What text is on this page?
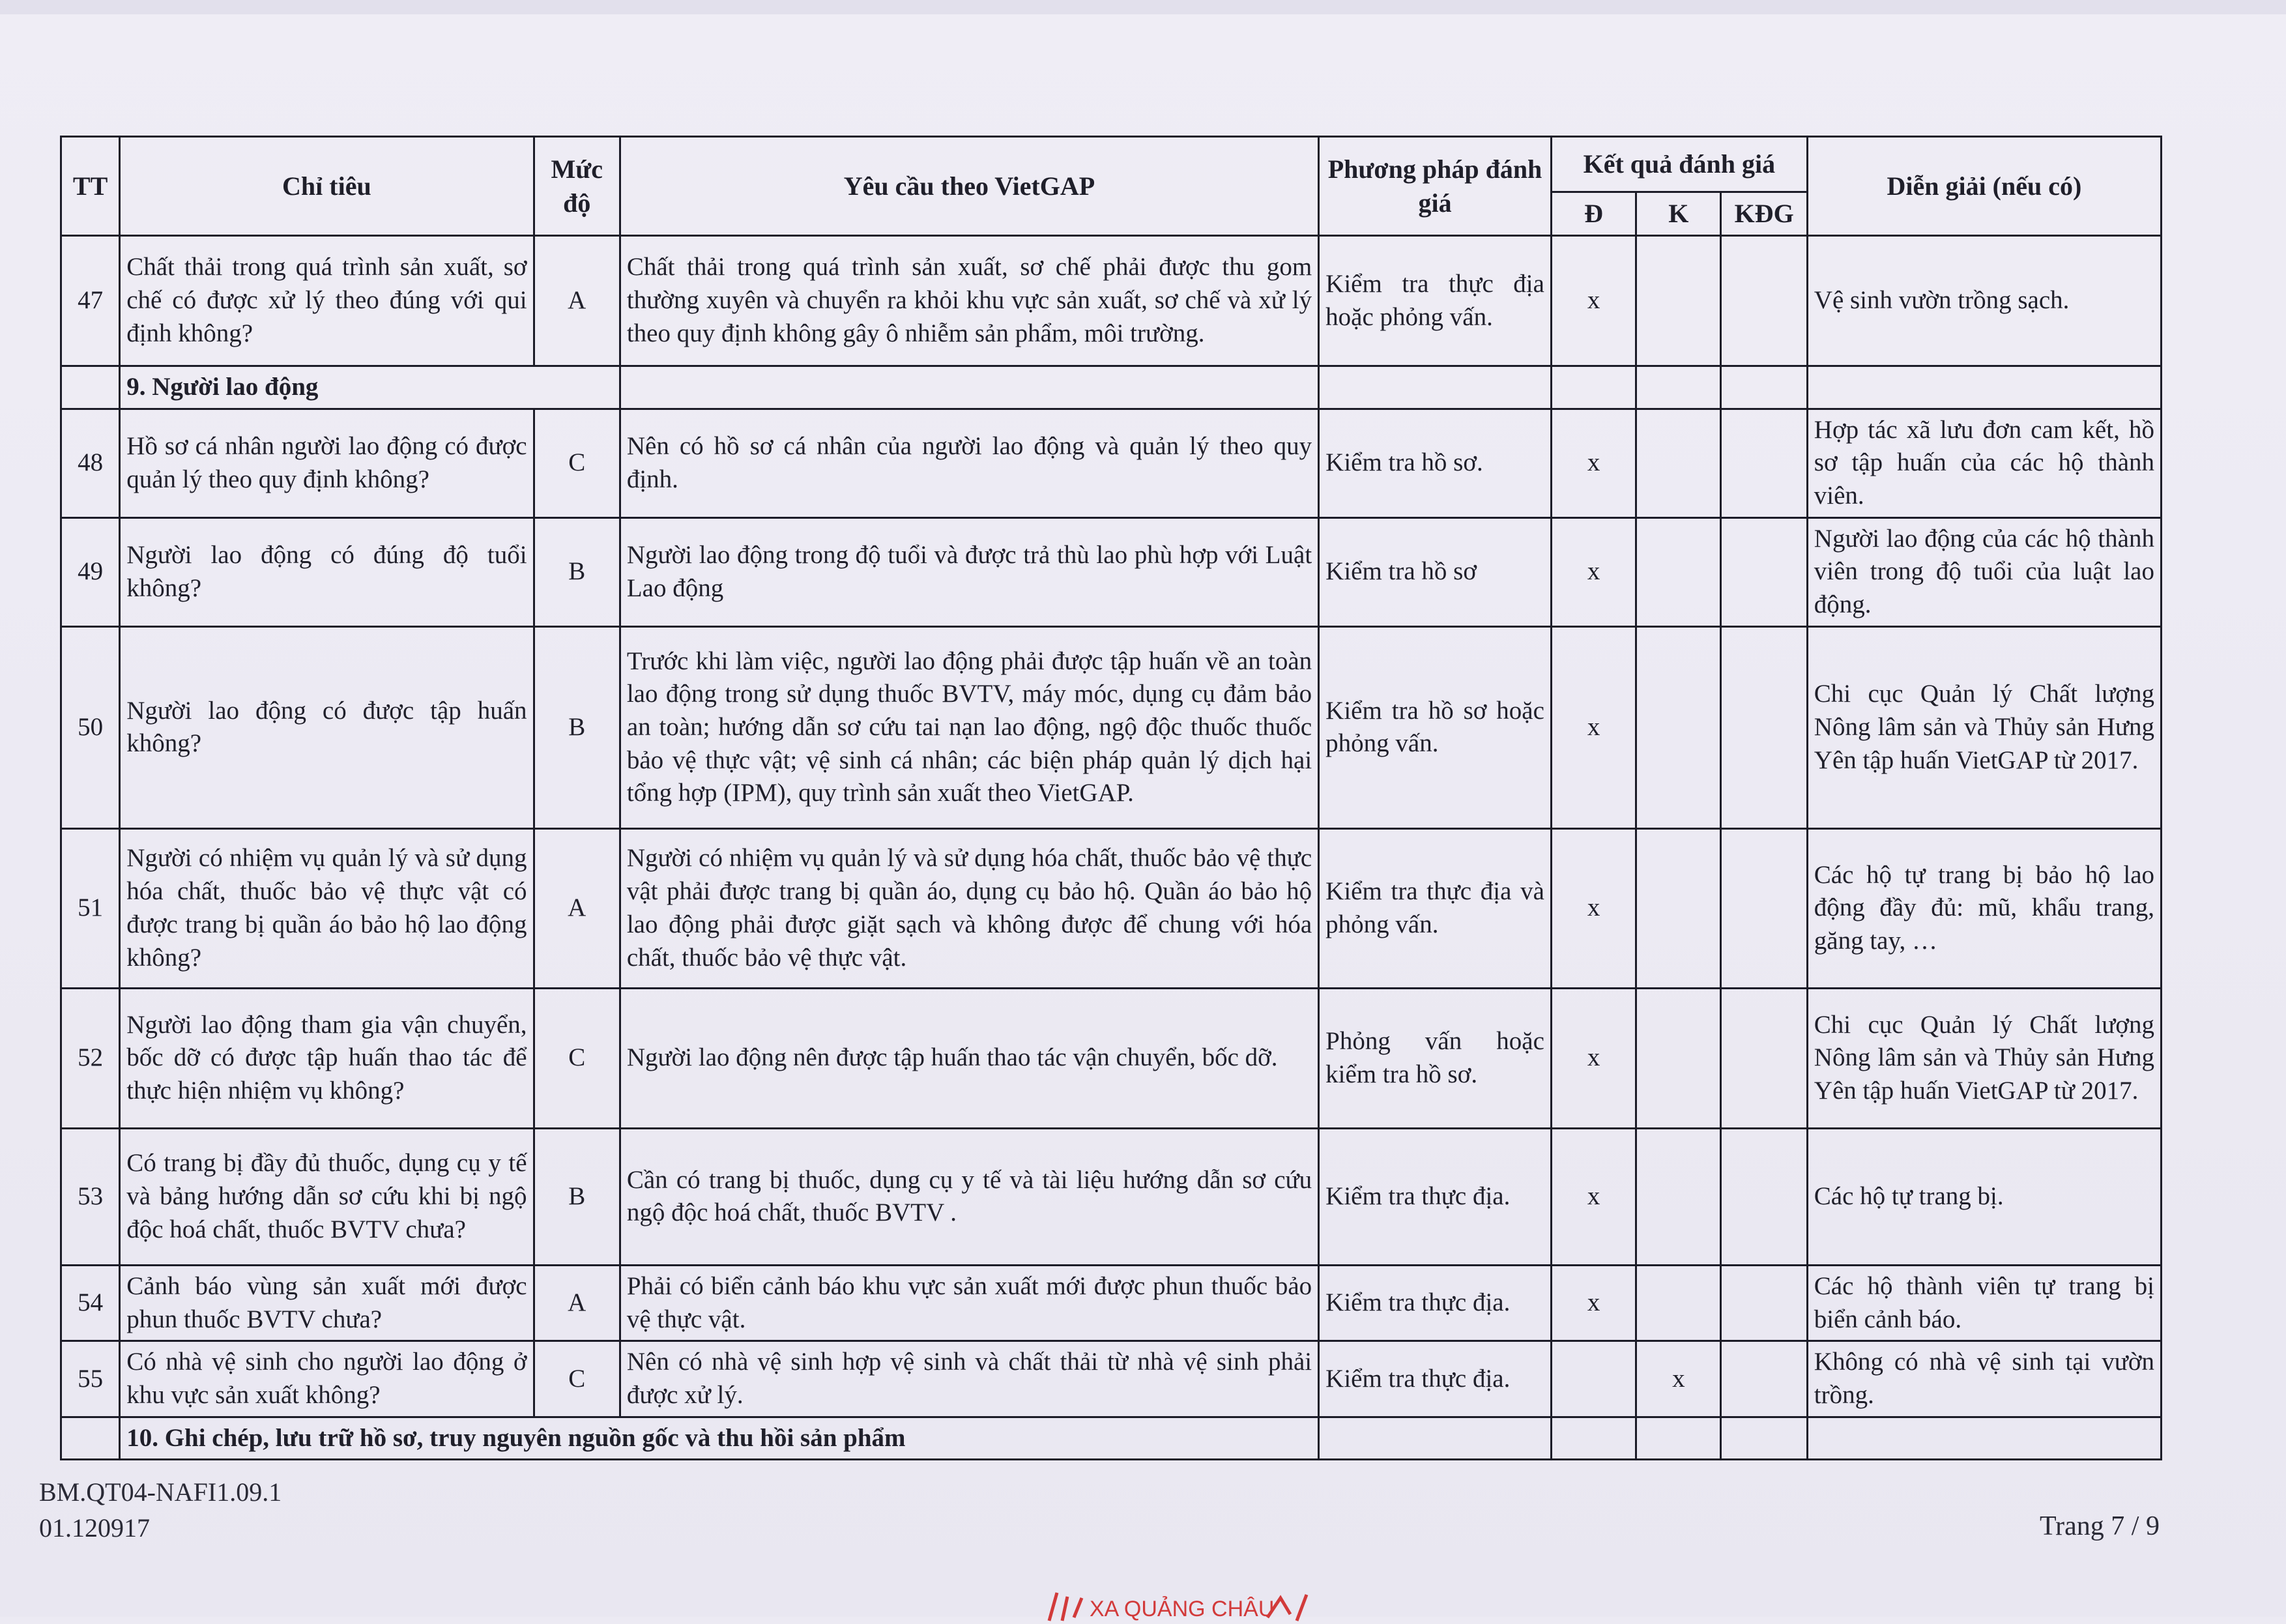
TT	Chỉ tiêu	Mức độ	Yêu cầu theo VietGAP	Phương pháp đánh giá	Kết quả đánh giá			Diễn giải (nếu có)
					Đ	K	KĐG	
47	Chất thải trong quá trình sản xuất, sơ chế có được xử lý theo đúng với qui định không?	A	Chất thải trong quá trình sản xuất, sơ chế phải được thu gom thường xuyên và chuyển ra khỏi khu vực sản xuất, sơ chế và xử lý theo quy định không gây ô nhiễm sản phẩm, môi trường.	Kiểm tra thực địa hoặc phỏng vấn.	x			Vệ sinh vườn trồng sạch.
	9. Người lao động							
48	Hồ sơ cá nhân người lao động có được quản lý theo quy định không?	C	Nên có hồ sơ cá nhân của người lao động và quản lý theo quy định.	Kiểm tra hồ sơ.	x			Hợp tác xã lưu đơn cam kết, hồ sơ tập huấn của các hộ thành viên.
49	Người lao động có đúng độ tuổi không?	B	Người lao động trong độ tuổi và được trả thù lao phù hợp với Luật Lao động	Kiểm tra hồ sơ	x			Người lao động của các hộ thành viên trong độ tuổi của luật lao động.
50	Người lao động có được tập huấn không?	B	Trước khi làm việc, người lao động phải được tập huấn về an toàn lao động trong sử dụng thuốc BVTV, máy móc, dụng cụ đảm bảo an toàn; hướng dẫn sơ cứu tai nạn lao động, ngộ độc thuốc thuốc bảo vệ thực vật; vệ sinh cá nhân; các biện pháp quản lý dịch hại tổng hợp (IPM), quy trình sản xuất theo VietGAP.	Kiểm tra hồ sơ hoặc phỏng vấn.	x			Chi cục Quản lý Chất lượng Nông lâm sản và Thủy sản Hưng Yên tập huấn VietGAP từ 2017.
51	Người có nhiệm vụ quản lý và sử dụng hóa chất, thuốc bảo vệ thực vật có được trang bị quần áo bảo hộ lao động không?	A	Người có nhiệm vụ quản lý và sử dụng hóa chất, thuốc bảo vệ thực vật phải được trang bị quần áo, dụng cụ bảo hộ. Quần áo bảo hộ lao động phải được giặt sạch và không được để chung với hóa chất, thuốc bảo vệ thực vật.	Kiểm tra thực địa và phỏng vấn.	x			Các hộ tự trang bị bảo hộ lao động đầy đủ: mũ, khẩu trang, găng tay, …
52	Người lao động tham gia vận chuyển, bốc dỡ có được tập huấn thao tác để thực hiện nhiệm vụ không?	C	Người lao động nên được tập huấn thao tác vận chuyển, bốc dỡ.	Phỏng vấn hoặc kiểm tra hồ sơ.	x			Chi cục Quản lý Chất lượng Nông lâm sản và Thủy sản Hưng Yên tập huấn VietGAP từ 2017.
53	Có trang bị đầy đủ thuốc, dụng cụ y tế và bảng hướng dẫn sơ cứu khi bị ngộ độc hoá chất, thuốc BVTV chưa?	B	Cần có trang bị thuốc, dụng cụ y tế và tài liệu hướng dẫn sơ cứu ngộ độc hoá chất, thuốc BVTV .	Kiểm tra thực địa.	x			Các hộ tự trang bị.
54	Cảnh báo vùng sản xuất mới được phun thuốc BVTV chưa?	A	Phải có biển cảnh báo khu vực sản xuất mới được phun thuốc bảo vệ thực vật.	Kiểm tra thực địa.	x			Các hộ thành viên tự trang bị biển cảnh báo.
55	Có nhà vệ sinh cho người lao động ở khu vực sản xuất không?	C	Nên có nhà vệ sinh hợp vệ sinh và chất thải từ nhà vệ sinh phải được xử lý.	Kiểm tra thực địa.		x		Không có nhà vệ sinh tại vườn trồng.
	10. Ghi chép, lưu trữ hồ sơ, truy nguyên nguồn gốc và thu hồi sản phẩm							
BM.QT04-NAFI1.09.1
01.120917	Trang 7 / 9
XA QUẢNG CHÂU
